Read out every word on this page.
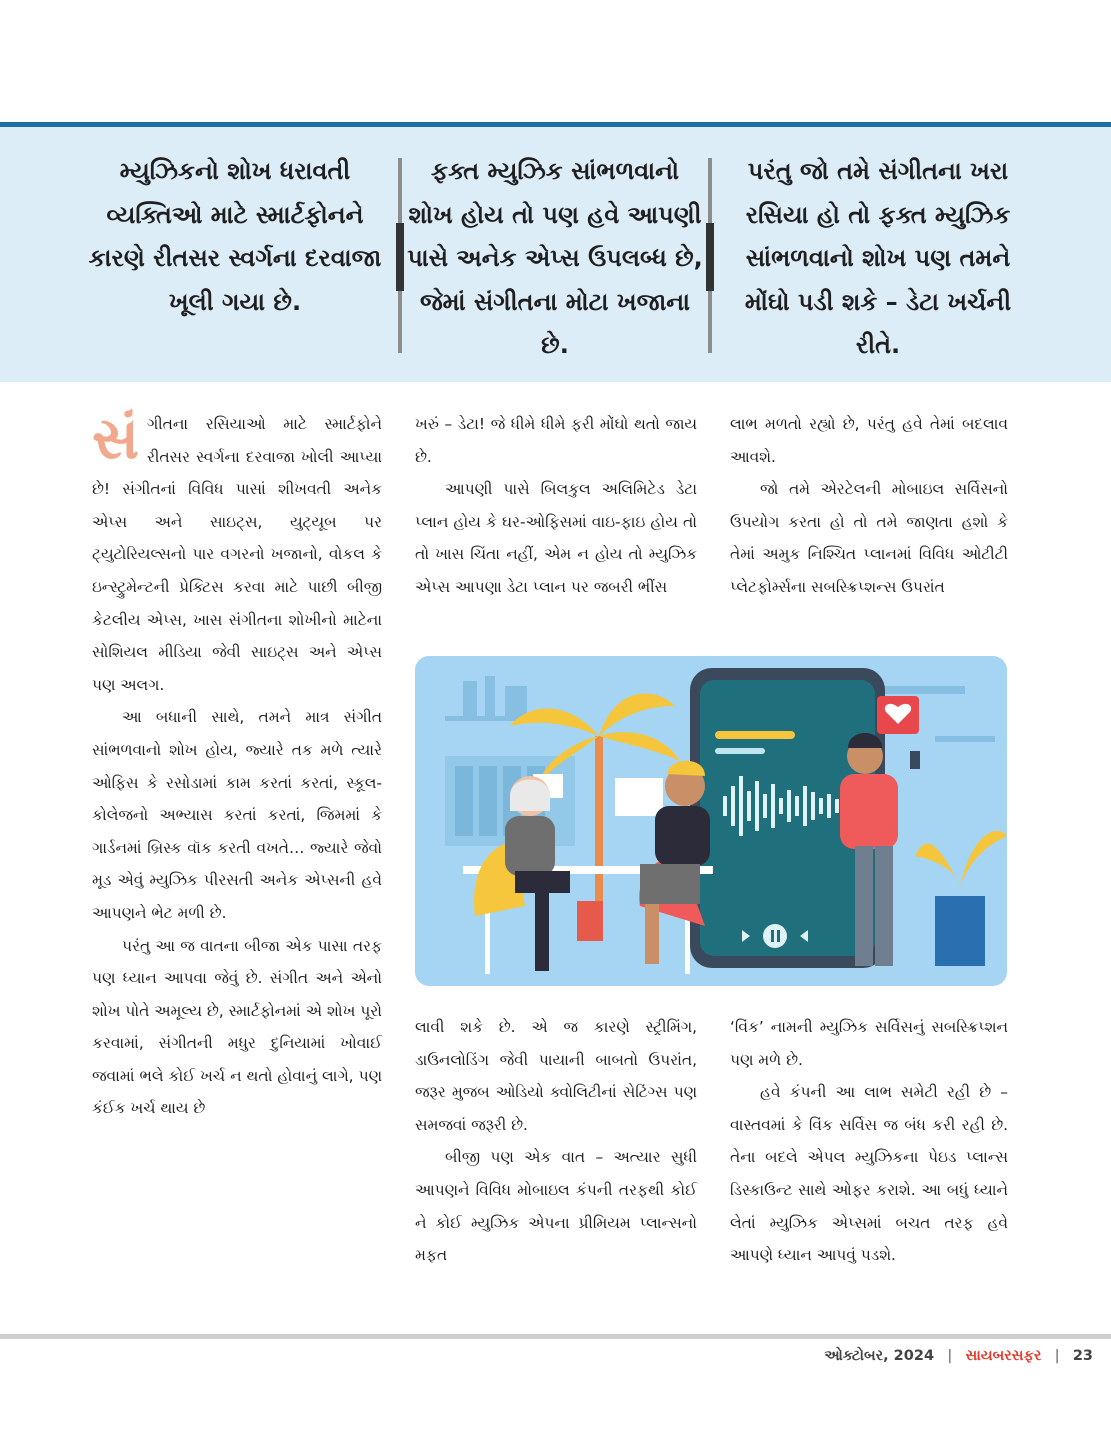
મ્યુઝિકનો શોખ ધરાવતી વ્યક્તિઓ માટે સ્માર્ટફોનને કારણે રીતસર સ્વર્ગના દરવાજા ખૂલી ગયા છે.
ફક્ત મ્યુઝિક સાંભળવાનો શોખ હોય તો પણ હવે આપણી પાસે અનેક એપ્સ ઉપલબ્ધ છે, જેમાં સંગીતના મોટા ખજાના છે.
પરંતુ જો તમે સંગીતના ખરા રસિયા હો તો ફક્ત મ્યુઝિક સાંભળવાનો શોખ પણ તમને મોંઘો પડી શકે – ડેટા ખર્ચની રીતે.

સંગીતના રસિયાઓ માટે સ્માર્ટફોને રીતસર સ્વર્ગના દરવાજા ખોલી આપ્યા છે! સંગીતનાં વિવિધ પાસાં શીખવતી અનેક એપ્સ અને સાઇટ્સ, યુટ્યૂબ પર ટ્યુટોરિયલ્સનો પાર વગરનો ખજાનો, વોકલ કે ઇન્સ્ટ્રુમેન્ટની પ્રેક્ટિસ કરવા માટે પાછી બીજી કેટલીય એપ્સ, ખાસ સંગીતના શોખીનો માટેના સોશિયલ મીડિયા જેવી સાઇટ્સ અને એપ્સ પણ અલગ.

આ બધાની સાથે, તમને માત્ર સંગીત સાંભળવાનો શોખ હોય, જ્યારે તક મળે ત્યારે ઓફિસ કે રસોડામાં કામ કરતાં કરતાં, સ્કૂલ-કોલેજનો અભ્યાસ કરતાં કરતાં, જિમમાં કે ગાર્ડનમાં બ્રિસ્ક વૉક કરતી વખતે… જ્યારે જેવો મૂડ એવું મ્યુઝિક પીરસતી અનેક એપ્સની હવે આપણને ભેટ મળી છે.

પરંતુ આ જ વાતના બીજા એક પાસા તરફ પણ ધ્યાન આપવા જેવું છે. સંગીત અને એનો શોખ પોતે અમૂલ્ય છે, સ્માર્ટફોનમાં એ શોખ પૂરો કરવામાં, સંગીતની મધુર દુનિયામાં ખોવાઈ જવામાં ભલે કોઈ ખર્ચ ન થતો હોવાનું લાગે, પણ કંઈક ખર્ચ થાય છે

ખરું – ડેટા! જે ધીમે ધીમે ફરી મોંઘો થતો જાય છે.

આપણી પાસે બિલકુલ અલિમિટેડ ડેટા પ્લાન હોય કે ઘર-ઓફિસમાં વાઇ-ફાઇ હોય તો તો ખાસ ચિંતા નહીં, એમ ન હોય તો મ્યુઝિક એપ્સ આપણા ડેટા પ્લાન પર જબરી ભીંસ

લાભ મળતો રહ્યો છે, પરંતુ હવે તેમાં બદલાવ આવશે.

જો તમે એરટેલની મોબાઇલ સર્વિસનો ઉપયોગ કરતા હો તો તમે જાણતા હશો કે તેમાં અમુક નિશ્ચિત પ્લાનમાં વિવિધ ઓટીટી પ્લેટફોર્મ્સના સબસ્ક્રિપ્શન્સ ઉપરાંત

લાવી શકે છે. એ જ કારણે સ્ટ્રીમિંગ, ડાઉનલોડિંગ જેવી પાયાની બાબતો ઉપરાંત, જરૂર મુજબ ઓડિયો ક્વોલિટીનાં સેટિંગ્સ પણ સમજવાં જરૂરી છે.

બીજી પણ એક વાત – અત્યાર સુધી આપણને વિવિધ મોબાઇલ કંપની તરફથી કોઈ ને કોઈ મ્યુઝિક એપના પ્રીમિયમ પ્લાન્સનો મફત

‘વિંક’ નામની મ્યુઝિક સર્વિસનું સબસ્ક્રિપ્શન પણ મળે છે.

હવે કંપની આ લાભ સમેટી રહી છે – વાસ્તવમાં કે વિંક સર્વિસ જ બંધ કરી રહી છે. તેના બદલે એપલ મ્યુઝિકના પેઇડ પ્લાન્સ ડિસ્કાઉન્ટ સાથે ઓફર કરાશે. આ બધું ધ્યાને લેતાં મ્યુઝિક એપ્સમાં બચત તરફ હવે આપણે ધ્યાન આપવું પડશે.

ઓક્ટોબર, 2024 | સાયબરસફર | 23
